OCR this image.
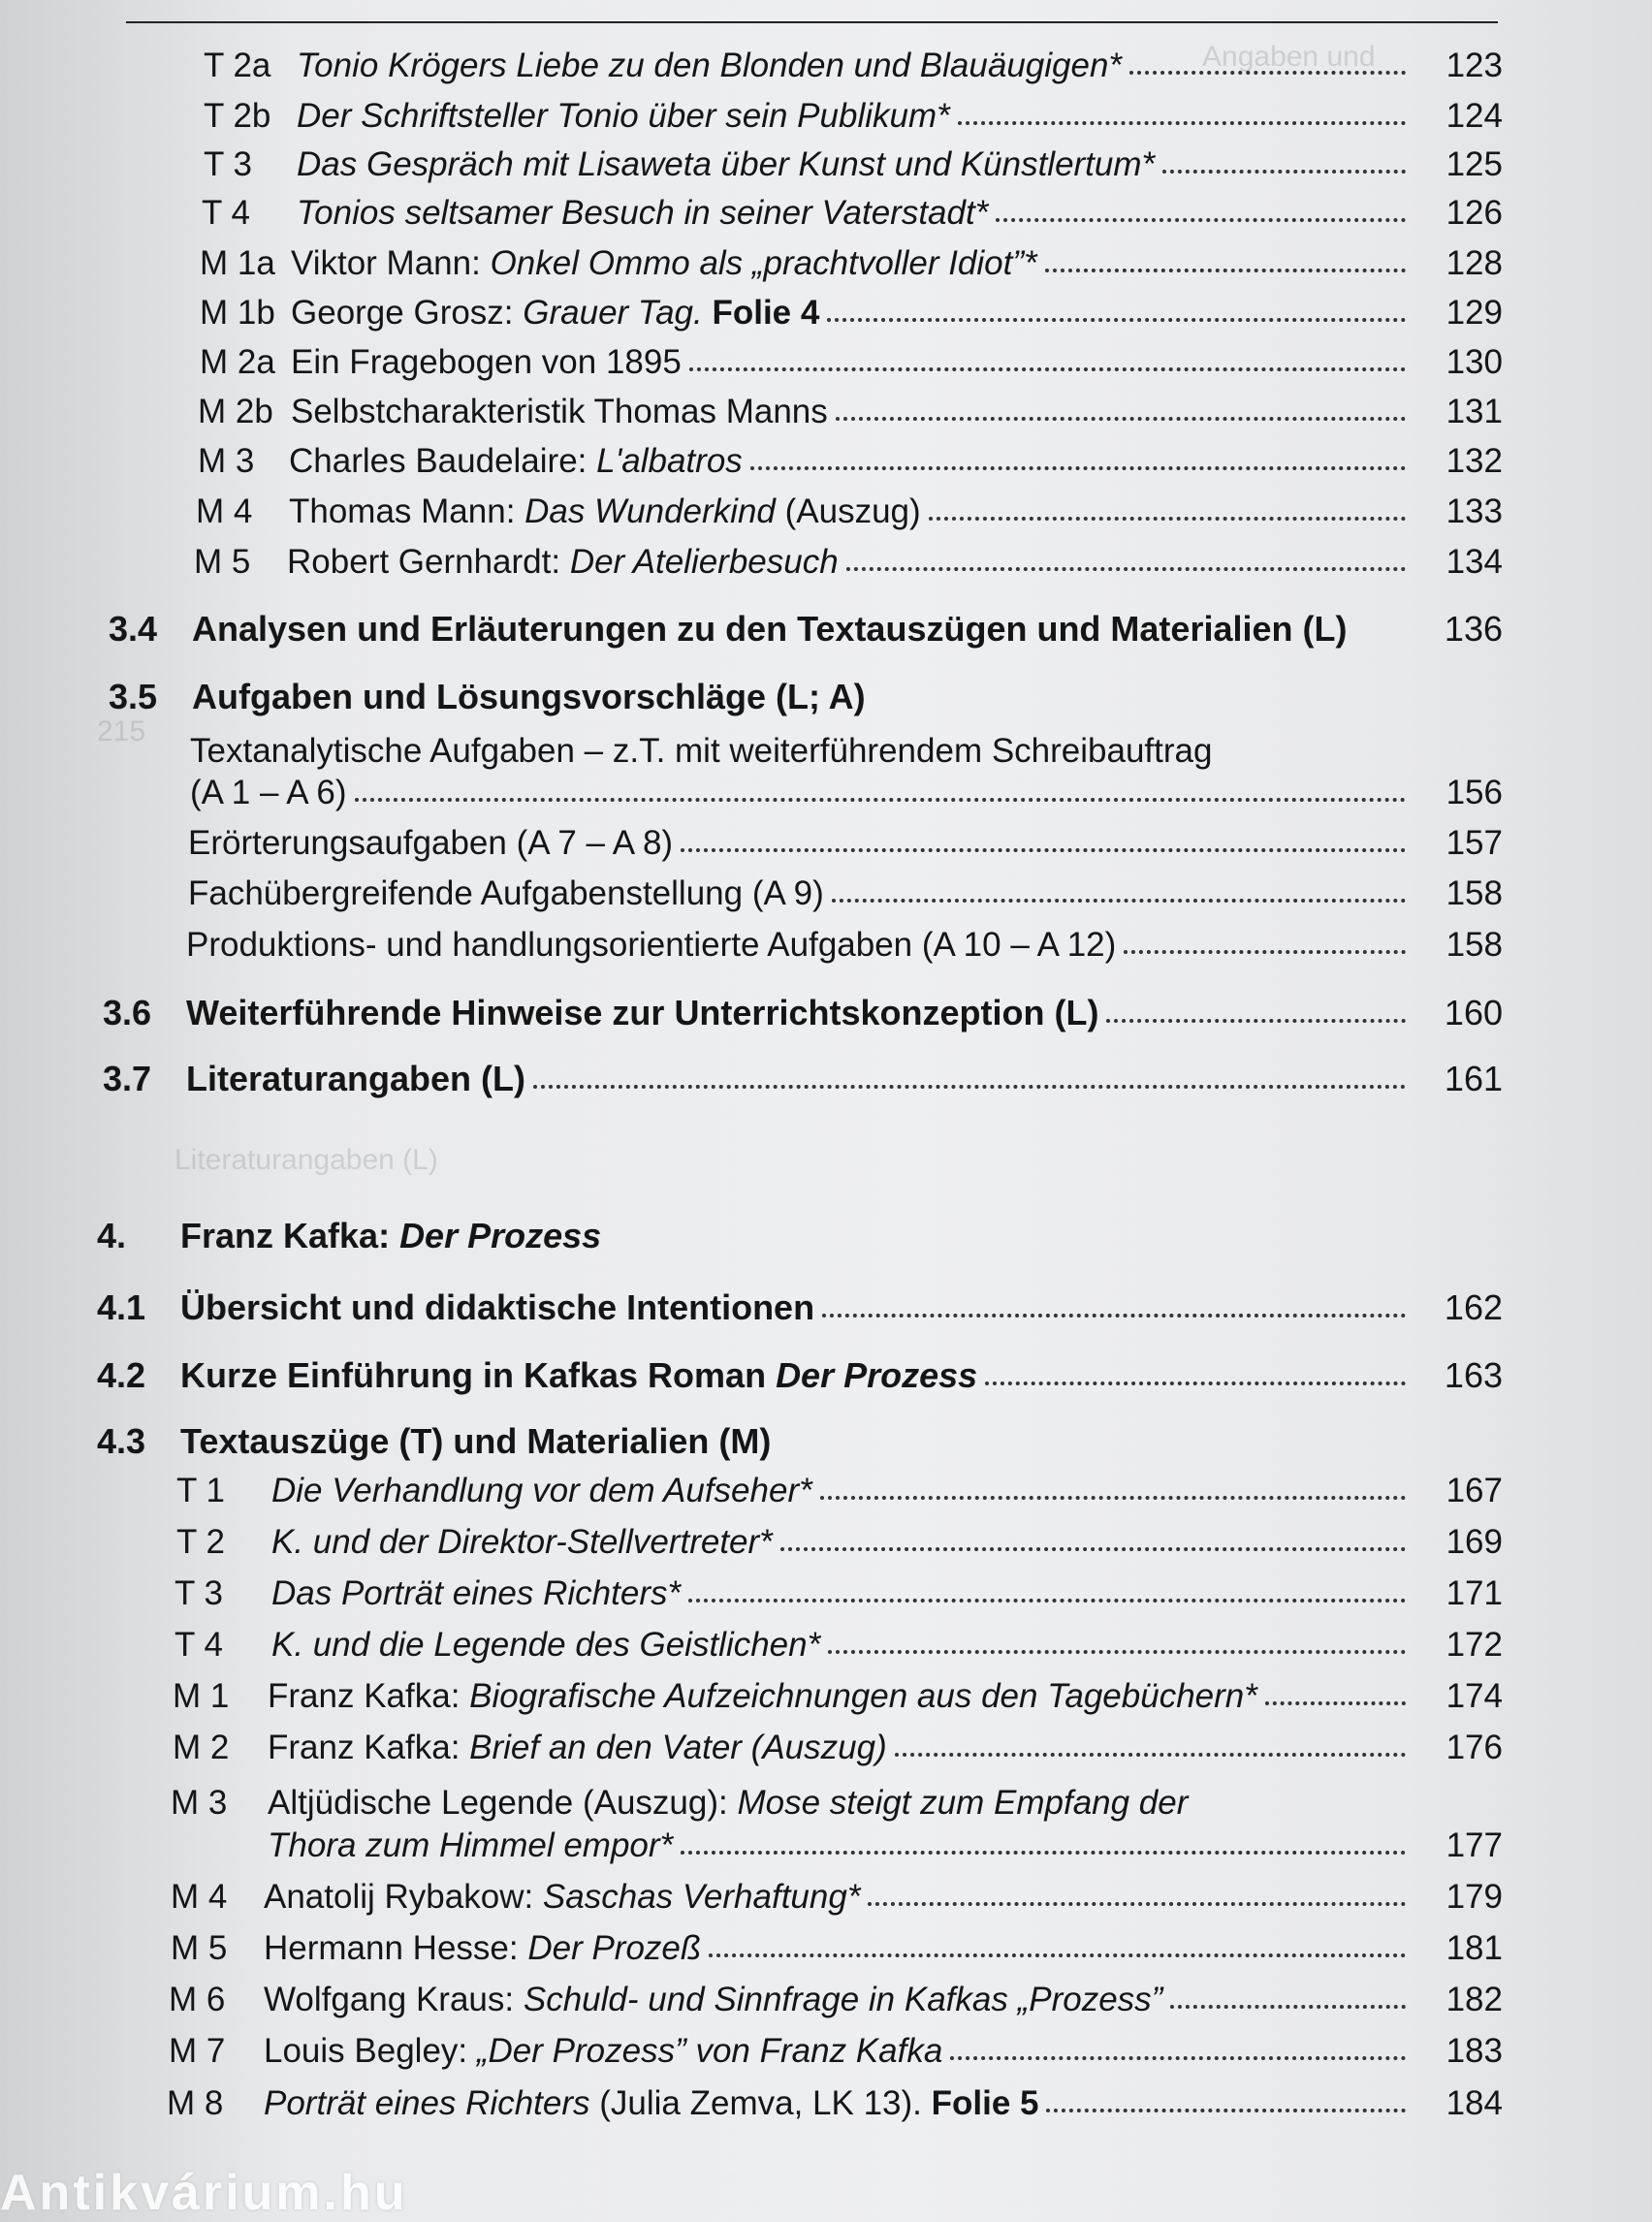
Angaben und
215
Literaturangaben (L)
T 2a Tonio Krögers Liebe zu den Blonden und Blauäugigen*	123
T 2b Der Schriftsteller Tonio über sein Publikum*	124
T 3	Das Gespräch mit Lisaweta über Kunst und Künstlertum*	125
T 4	Tonios seltsamer Besuch in seiner Vaterstadt*	126
M 1a Viktor Mann: Onkel Ommo als „prachtvoller Idiot”*	128
M 1b George Grosz: Grauer Tag. Folie 4	129
M 2a Ein Fragebogen von 1895	130
M 2b Selbstcharakteristik Thomas Manns	131
M 3	Charles Baudelaire: L'albatros	132
M 4	Thomas Mann: Das Wunderkind (Auszug)	133
M 5	Robert Gernhardt: Der Atelierbesuch	134
3.4 Analysen und Erläuterungen zu den Textauszügen und Materialien (L)	136
3.5 Aufgaben und Lösungsvorschläge (L; A)
Textanalytische Aufgaben – z.T. mit weiterführendem Schreibauftrag
(A 1 – A 6)	156
Erörterungsaufgaben (A 7 – A 8)	157
Fachübergreifende Aufgabenstellung (A 9)	158
Produktions- und handlungsorientierte Aufgaben (A 10 – A 12)	158
3.6 Weiterführende Hinweise zur Unterrichtskonzeption (L)	160
3.7 Literaturangaben (L)	161
4.	Franz Kafka: Der Prozess
4.1 Übersicht und didaktische Intentionen	162
4.2 Kurze Einführung in Kafkas Roman Der Prozess	163
4.3 Textauszüge (T) und Materialien (M)
T 1	Die Verhandlung vor dem Aufseher*	167
T 2	K. und der Direktor-Stellvertreter*	169
T 3	Das Porträt eines Richters*	171
T 4	K. und die Legende des Geistlichen*	172
M 1	Franz Kafka: Biografische Aufzeichnungen aus den Tagebüchern*	174
M 2	Franz Kafka: Brief an den Vater (Auszug)	176
M 3	Altjüdische Legende (Auszug): Mose steigt zum Empfang der
Thora zum Himmel empor*	177
M 4	Anatolij Rybakow: Saschas Verhaftung*	179
M 5	Hermann Hesse: Der Prozeß	181
M 6	Wolfgang Kraus: Schuld- und Sinnfrage in Kafkas „Prozess”	182
M 7	Louis Begley: „Der Prozess” von Franz Kafka	183
M 8	Porträt eines Richters (Julia Zemva, LK 13). Folie 5	184
Antikvárium.hu
